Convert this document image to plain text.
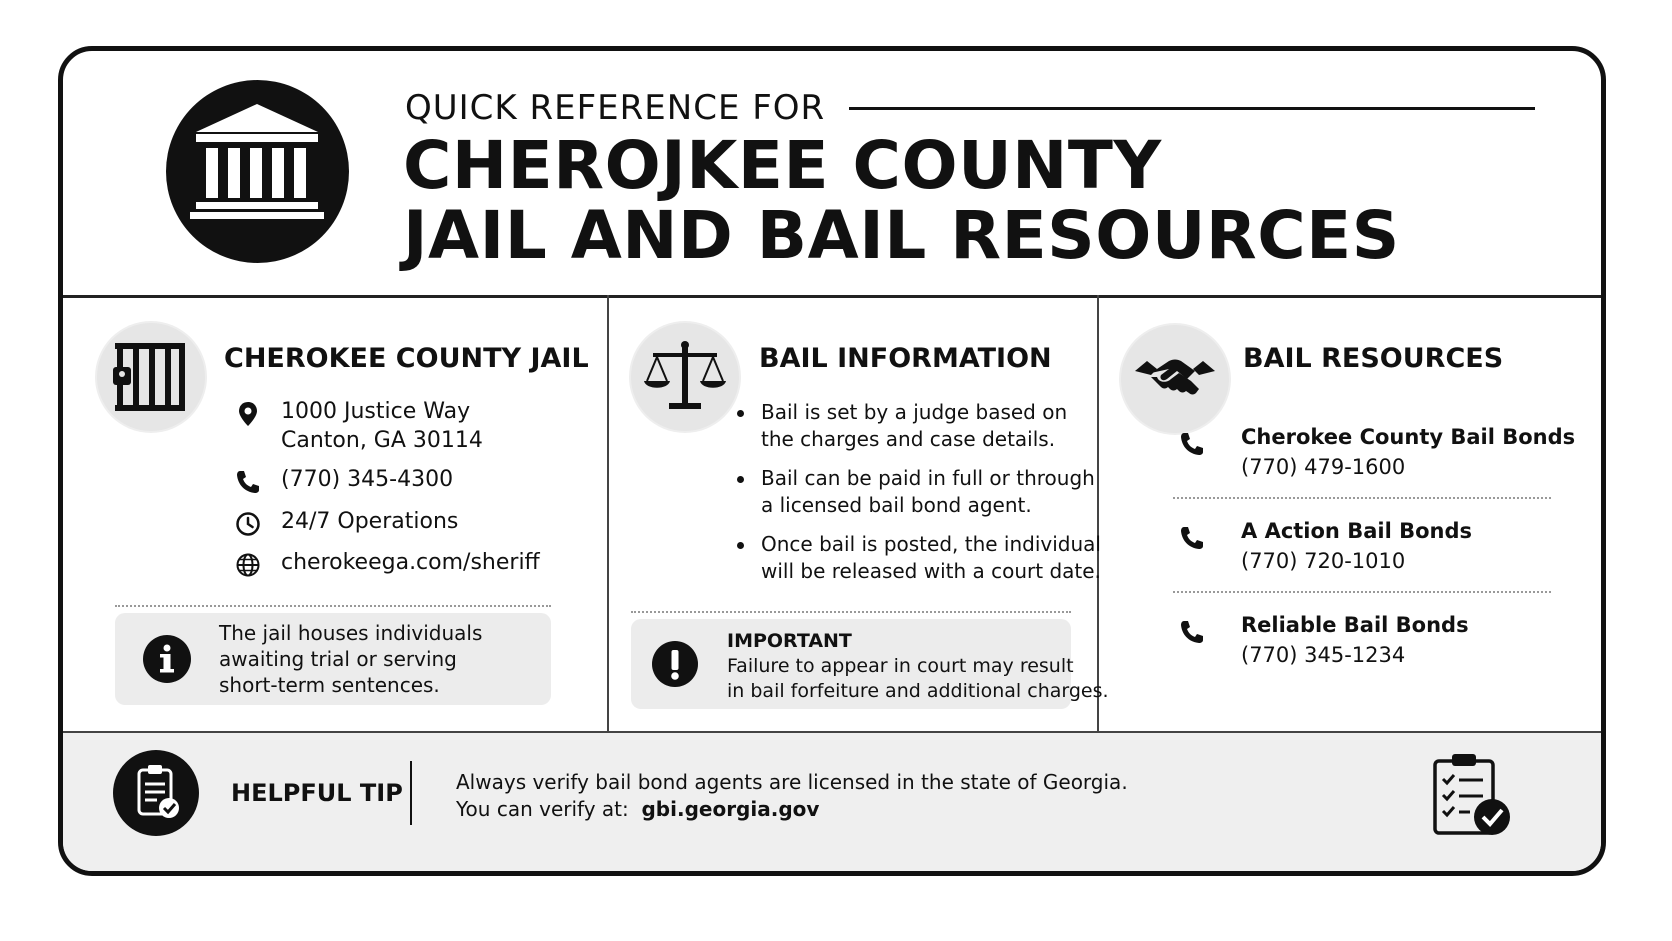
QUICK REFERENCE FOR
CHEROJKEE COUNTY
JAIL AND BAIL RESOURCES
CHEROKEE COUNTY JAIL
1000 Justice Way
Canton, GA 30114
(770) 345-4300
24/7 Operations
cherokeega.com/sheriff
The jail houses individuals
awaiting trial or serving
short-term sentences.
BAIL INFORMATION
Bail is set by a judge based on
the charges and case details.
Bail can be paid in full or through
a licensed bail bond agent.
Once bail is posted, the individual
will be released with a court date.
IMPORTANT
Failure to appear in court may result
in bail forfeiture and additional charges.
BAIL RESOURCES
Cherokee County Bail Bonds
(770) 479-1600
A Action Bail Bonds
(770) 720-1010
Reliable Bail Bonds
(770) 345-1234
HELPFUL TIP	Always verify bail bond agents are licensed in the state of Georgia.
You can verify at: gbi.georgia.gov
